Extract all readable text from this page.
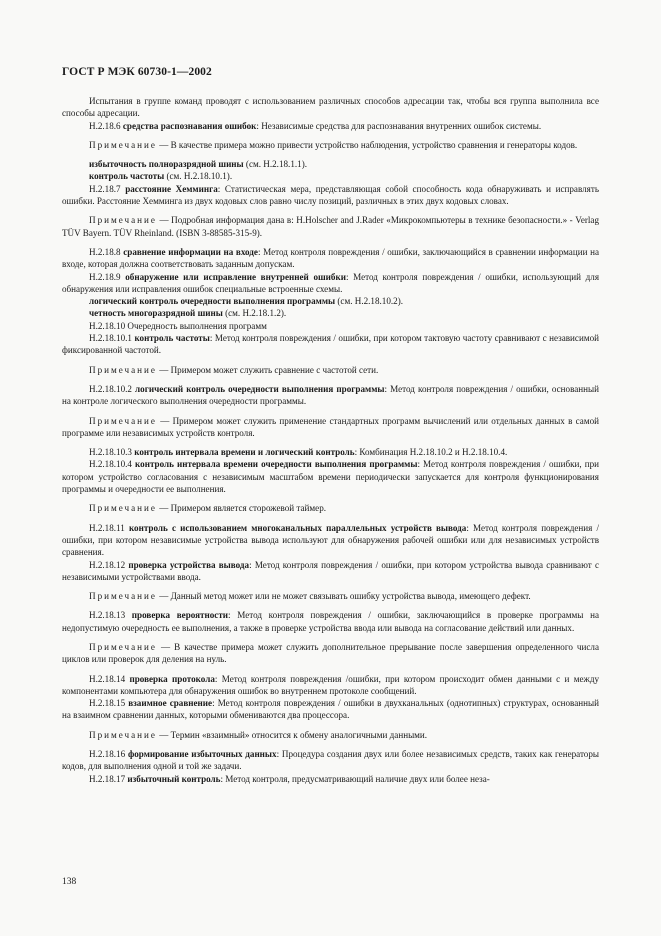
ГОСТ Р МЭК 60730-1—2002

Испытания в группе команд проводят с использованием различных способов адресации так, чтобы вся группа выполнила все способы адресации.

Н.2.18.6 средства распознавания ошибок: Независимые средства для распознавания внутренних ошибок системы.

Примечание — В качестве примера можно привести устройство наблюдения, устройство сравнения и генераторы кодов.

избыточность полноразрядной шины (см. Н.2.18.1.1).

контроль частоты (см. Н.2.18.10.1).

Н.2.18.7 расстояние Хемминга: Статистическая мера, представляющая собой способность кода обнаруживать и исправлять ошибки. Расстояние Хемминга из двух кодовых слов равно числу позиций, различных в этих двух кодовых словах.

Примечание — Подробная информация дана в: H.Holscher and J.Rader «Микрокомпьютеры в технике безопасности.» - Verlag TÜV Bayern. TÜV Rheinland. (ISBN 3-88585-315-9).

Н.2.18.8 сравнение информации на входе: Метод контроля повреждения / ошибки, заключающийся в сравнении информации на входе, которая должна соответствовать заданным допускам.

Н.2.18.9 обнаружение или исправление внутренней ошибки: Метод контроля повреждения / ошибки, использующий для обнаружения или исправления ошибок специальные встроенные схемы.

логический контроль очередности выполнения программы (см. Н.2.18.10.2).

четность многоразрядной шины (см. Н.2.18.1.2).

Н.2.18.10 Очередность выполнения программ

Н.2.18.10.1 контроль частоты: Метод контроля повреждения / ошибки, при котором тактовую частоту сравнивают с независимой фиксированной частотой.

Примечание — Примером может служить сравнение с частотой сети.

Н.2.18.10.2 логический контроль очередности выполнения программы: Метод контроля повреждения / ошибки, основанный на контроле логического выполнения очередности программы.

Примечание — Примером может служить применение стандартных программ вычислений или отдельных данных в самой программе или независимых устройств контроля.

Н.2.18.10.3 контроль интервала времени и логический контроль: Комбинация Н.2.18.10.2 и Н.2.18.10.4.

Н.2.18.10.4 контроль интервала времени очередности выполнения программы: Метод контроля повреждения / ошибки, при котором устройство согласования с независимым масштабом времени периодически запускается для контроля функционирования программы и очередности ее выполнения.

Примечание — Примером является сторожевой таймер.

Н.2.18.11 контроль с использованием многоканальных параллельных устройств вывода: Метод контроля повреждения / ошибки, при котором независимые устройства вывода используют для обнаружения рабочей ошибки или для независимых устройств сравнения.

Н.2.18.12 проверка устройства вывода: Метод контроля повреждения / ошибки, при котором устройства вывода сравнивают с независимыми устройствами ввода.

Примечание — Данный метод может или не может связывать ошибку устройства вывода, имеющего дефект.

Н.2.18.13 проверка вероятности: Метод контроля повреждения / ошибки, заключающийся в проверке программы на недопустимую очередность ее выполнения, а также в проверке устройства ввода или вывода на согласование действий или данных.

Примечание — В качестве примера может служить дополнительное прерывание после завершения определенного числа циклов или проверок для деления на нуль.

Н.2.18.14 проверка протокола: Метод контроля повреждения /ошибки, при котором происходит обмен данными с и между компонентами компьютера для обнаружения ошибок во внутреннем протоколе сообщений.

Н.2.18.15 взаимное сравнение: Метод контроля повреждения / ошибки в двухканальных (однотипных) структурах, основанный на взаимном сравнении данных, которыми обмениваются два процессора.

Примечание — Термин «взаимный» относится к обмену аналогичными данными.

Н.2.18.16 формирование избыточных данных: Процедура создания двух или более независимых средств, таких как генераторы кодов, для выполнения одной и той же задачи.

Н.2.18.17 избыточный контроль: Метод контроля, предусматривающий наличие двух или более неза-

138
